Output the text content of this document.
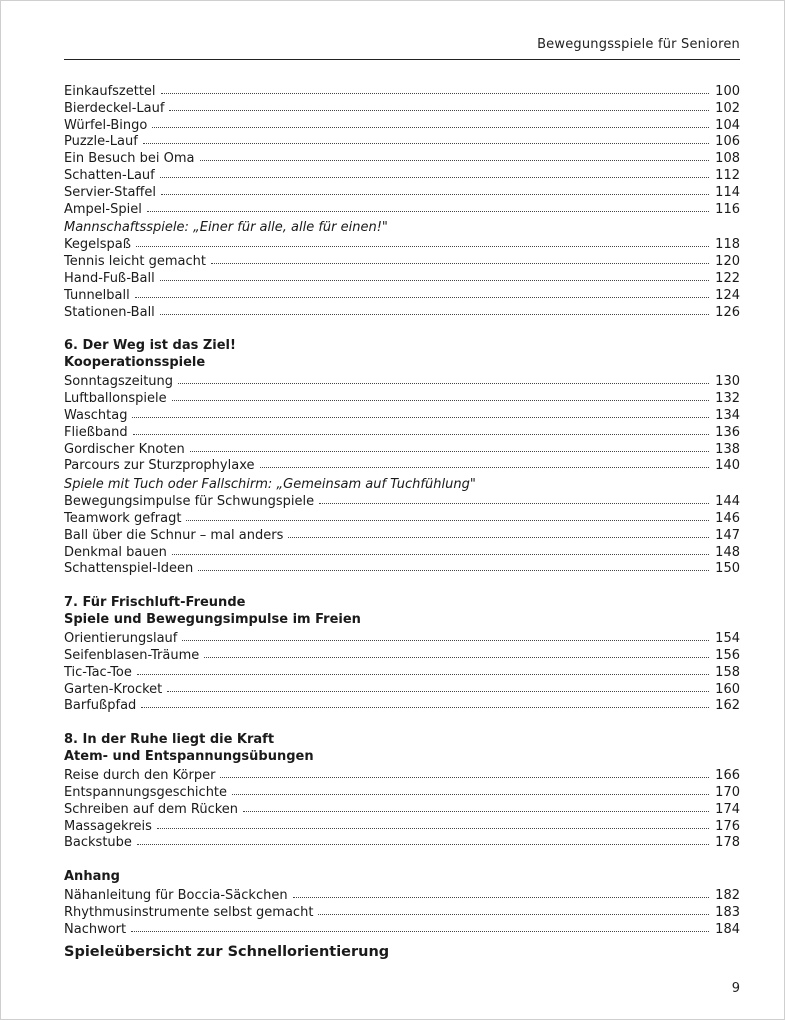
Bewegungsspiele für Senioren
Einkaufszettel	100
Bierdeckel-Lauf	102
Würfel-Bingo	104
Puzzle-Lauf	106
Ein Besuch bei Oma	108
Schatten-Lauf	112
Servier-Staffel	114
Ampel-Spiel	116
Mannschaftsspiele: „Einer für alle, alle für einen!"
Kegelspaß	118
Tennis leicht gemacht	120
Hand-Fuß-Ball	122
Tunnelball	124
Stationen-Ball	126
6. Der Weg ist das Ziel!
Kooperationsspiele
Sonntagszeitung	130
Luftballonspiele	132
Waschtag	134
Fließband	136
Gordischer Knoten	138
Parcours zur Sturzprophylaxe	140
Spiele mit Tuch oder Fallschirm: „Gemeinsam auf Tuchfühlung"
Bewegungsimpulse für Schwungspiele	144
Teamwork gefragt	146
Ball über die Schnur – mal anders	147
Denkmal bauen	148
Schattenspiel-Ideen	150
7. Für Frischluft-Freunde
Spiele und Bewegungsimpulse im Freien
Orientierungslauf	154
Seifenblasen-Träume	156
Tic-Tac-Toe	158
Garten-Krocket	160
Barfußpfad	162
8. In der Ruhe liegt die Kraft
Atem- und Entspannungsübungen
Reise durch den Körper	166
Entspannungsgeschichte	170
Schreiben auf dem Rücken	174
Massagekreis	176
Backstube	178
Anhang
Nähanleitung für Boccia-Säckchen	182
Rhythmusinstrumente selbst gemacht	183
Nachwort	184
Spieleübersicht zur Schnellorientierung
9
